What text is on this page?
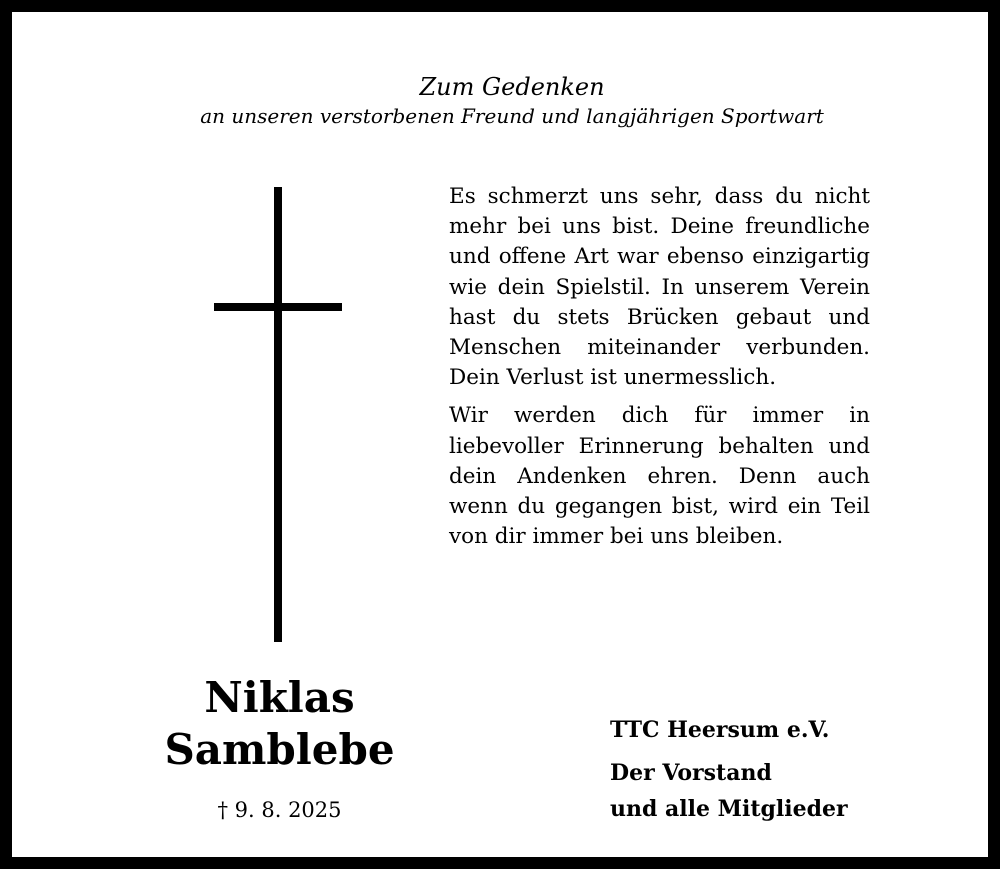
Zum Gedenken
an unseren verstorbenen Freund und langjährigen Sportwart

Es schmerzt uns sehr, dass du nicht mehr bei uns bist. Deine freundliche und offene Art war ebenso einzigartig wie dein Spielstil. In unserem Verein hast du stets Brücken gebaut und Menschen miteinander verbunden. Dein Verlust ist unermesslich.

Wir werden dich für immer in liebevoller Erinnerung behalten und dein Andenken ehren. Denn auch wenn du gegangen bist, wird ein Teil von dir immer bei uns bleiben.

Niklas
Samblebe
† 9. 8. 2025
TTC Heersum e.V.
Der Vorstand
und alle Mitglieder
